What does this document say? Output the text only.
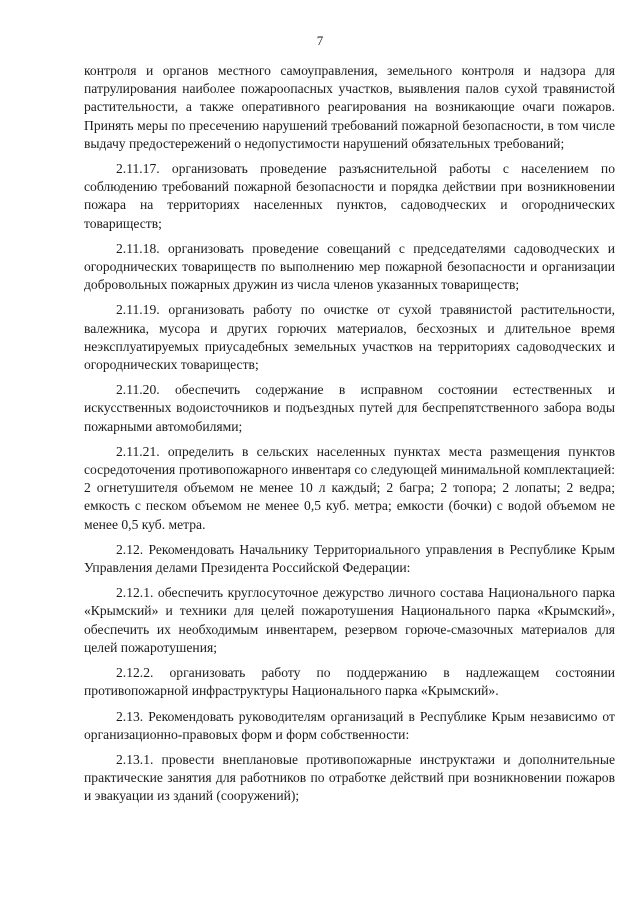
7

контроля и органов местного самоуправления, земельного контроля и надзора для патрулирования наиболее пожароопасных участков, выявления палов сухой травянистой растительности, а также оперативного реагирования на возникающие очаги пожаров. Принять меры по пресечению нарушений требований пожарной безопасности, в том числе выдачу предостережений о недопустимости нарушений обязательных требований;

2.11.17. организовать проведение разъяснительной работы с населением по соблюдению требований пожарной безопасности и порядка действии при возникновении пожара на территориях населенных пунктов, садоводческих и огороднических товариществ;

2.11.18. организовать проведение совещаний с председателями садоводческих и огороднических товариществ по выполнению мер пожарной безопасности и организации добровольных пожарных дружин из числа членов указанных товариществ;

2.11.19. организовать работу по очистке от сухой травянистой растительности, валежника, мусора и других горючих материалов, бесхозных и длительное время неэксплуатируемых приусадебных земельных участков на территориях садоводческих и огороднических товариществ;

2.11.20. обеспечить содержание в исправном состоянии естественных и искусственных водоисточников и подъездных путей для беспрепятственного забора воды пожарными автомобилями;

2.11.21. определить в сельских населенных пунктах места размещения пунктов сосредоточения противопожарного инвентаря со следующей минимальной комплектацией: 2 огнетушителя объемом не менее 10 л каждый; 2 багра; 2 топора; 2 лопаты; 2 ведра; емкость с песком объемом не менее 0,5 куб. метра; емкости (бочки) с водой объемом не менее 0,5 куб. метра.

2.12. Рекомендовать Начальнику Территориального управления в Республике Крым Управления делами Президента Российской Федерации:

2.12.1. обеспечить круглосуточное дежурство личного состава Национального парка «Крымский» и техники для целей пожаротушения Национального парка «Крымский», обеспечить их необходимым инвентарем, резервом горюче-смазочных материалов для целей пожаротушения;

2.12.2. организовать работу по поддержанию в надлежащем состоянии противопожарной инфраструктуры Национального парка «Крымский».

2.13. Рекомендовать руководителям организаций в Республике Крым независимо от организационно-правовых форм и форм собственности:

2.13.1. провести внеплановые противопожарные инструктажи и дополнительные практические занятия для работников по отработке действий при возникновении пожаров и эвакуации из зданий (сооружений);
